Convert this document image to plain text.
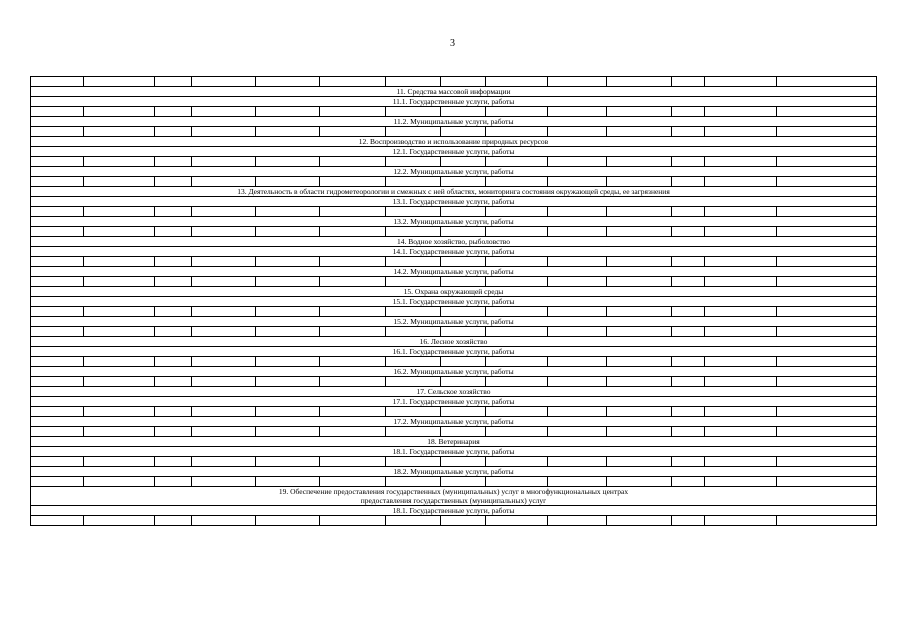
3

11. Средства массовой информации													
11.1. Государственные услуги, работы													

11.2. Муниципальные услуги, работы													

12. Воспроизводство и использование природных ресурсов													
12.1. Государственные услуги, работы													

12.2. Муниципальные услуги, работы													

13. Деятельность в области гидрометеорологии и смежных с ней областях, мониторинга состояния окружающей среды, ее загрязнения													
13.1. Государственные услуги, работы													

13.2. Муниципальные услуги, работы													

14. Водное хозяйство, рыболовство													
14.1. Государственные услуги, работы													

14.2. Муниципальные услуги, работы													

15. Охрана окружающей среды													
15.1. Государственные услуги, работы													

15.2. Муниципальные услуги, работы													

16. Лесное хозяйство													
16.1. Государственные услуги, работы													

16.2. Муниципальные услуги, работы													

17. Сельское хозяйство													
17.1. Государственные услуги, работы													

17.2. Муниципальные услуги, работы													

18. Ветеринария													
18.1. Государственные услуги, работы													

18.2. Муниципальные услуги, работы													

19. Обеспечение предоставления государственных (муниципальных) услуг в многофункциональных центрах
предоставления государственных (муниципальных) услуг													

18.1. Государственные услуги, работы													
